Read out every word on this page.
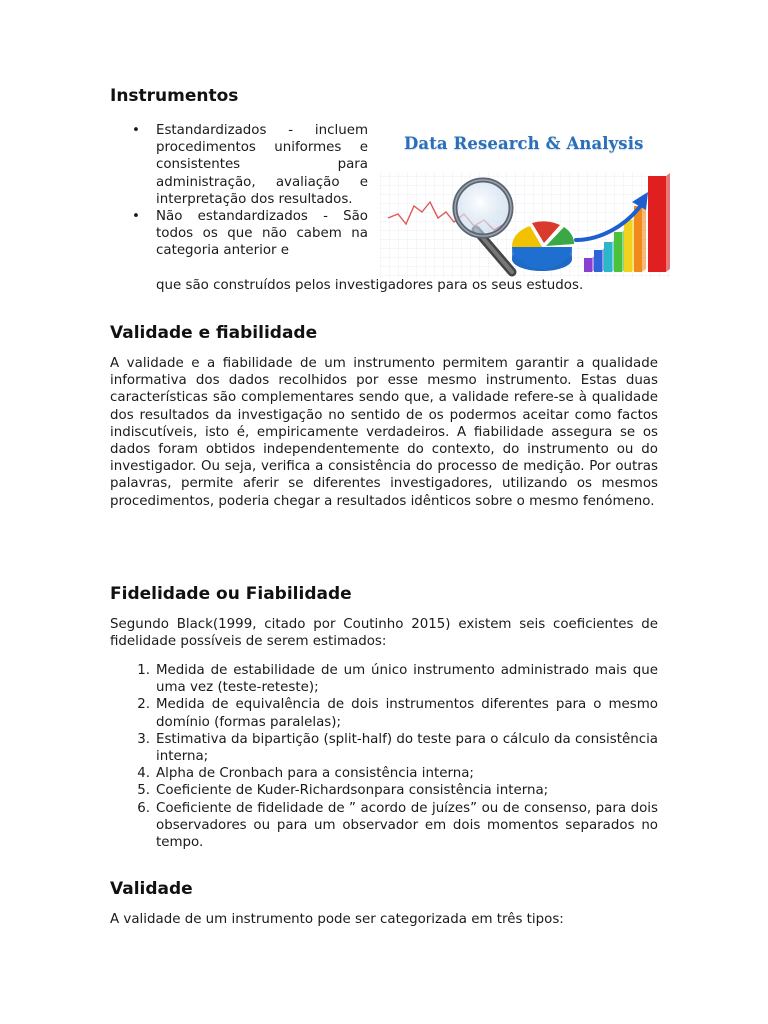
Instrumentos
• Estandardizados - incluem procedimentos uniformes e consistentes para administração, avaliação e interpretação dos resultados.
• Não estandardizados - São todos os que não cabem na categoria anterior e

que são construídos pelos investigadores para os seus estudos.

Data Research & Analysis

Validade e fiabilidade

A validade e a fiabilidade de um instrumento permitem garantir a qualidade informativa dos dados recolhidos por esse mesmo instrumento. Estas duas características são complementares sendo que, a validade refere-se à qualidade dos resultados da investigação no sentido de os podermos aceitar como factos indiscutíveis, isto é, empiricamente verdadeiros. A fiabilidade assegura se os dados foram obtidos independentemente do contexto, do instrumento ou do investigador. Ou seja, verifica a consistência do processo de medição. Por outras palavras, permite aferir se diferentes investigadores, utilizando os mesmos procedimentos, poderia chegar a resultados idênticos sobre o mesmo fenómeno.

Fidelidade ou Fiabilidade

Segundo Black(1999, citado por Coutinho 2015) existem seis coeficientes de fidelidade possíveis de serem estimados:

1. Medida de estabilidade de um único instrumento administrado mais que uma vez (teste-reteste);
2. Medida de equivalência de dois instrumentos diferentes para o mesmo domínio (formas paralelas);
3. Estimativa da bipartição (split-half) do teste para o cálculo da consistência interna;
4. Alpha de Cronbach para a consistência interna;
5. Coeficiente de Kuder-Richardsonpara consistência interna;
6. Coeficiente de fidelidade de ” acordo de juízes” ou de consenso, para dois observadores ou para um observador em dois momentos separados no tempo.
Validade

A validade de um instrumento pode ser categorizada em três tipos:
